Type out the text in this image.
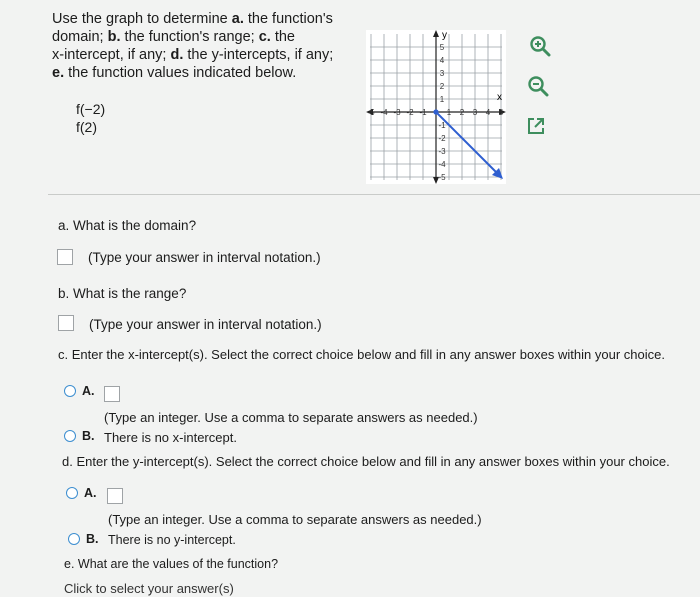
Use the graph to determine a. the function's
domain; b. the function's range; c. the
x-intercept, if any; d. the y-intercepts, if any;
e. the function values indicated below.
f(−2)
f(2)
y
x
-5 -4 -3 -2 -1	1 2 3 4 5
5
4
3
2
1
-1
-2
-3
-4
-5
a. What is the domain?
(Type your answer in interval notation.)
b. What is the range?
(Type your answer in interval notation.)
c. Enter the x-intercept(s). Select the correct choice below and fill in any answer boxes within your choice.
A.
(Type an integer. Use a comma to separate answers as needed.)
B. There is no x-intercept.
d. Enter the y-intercept(s). Select the correct choice below and fill in any answer boxes within your choice.
A.
(Type an integer. Use a comma to separate answers as needed.)
B. There is no y-intercept.
e. What are the values of the function?
Click to select your answer(s)
